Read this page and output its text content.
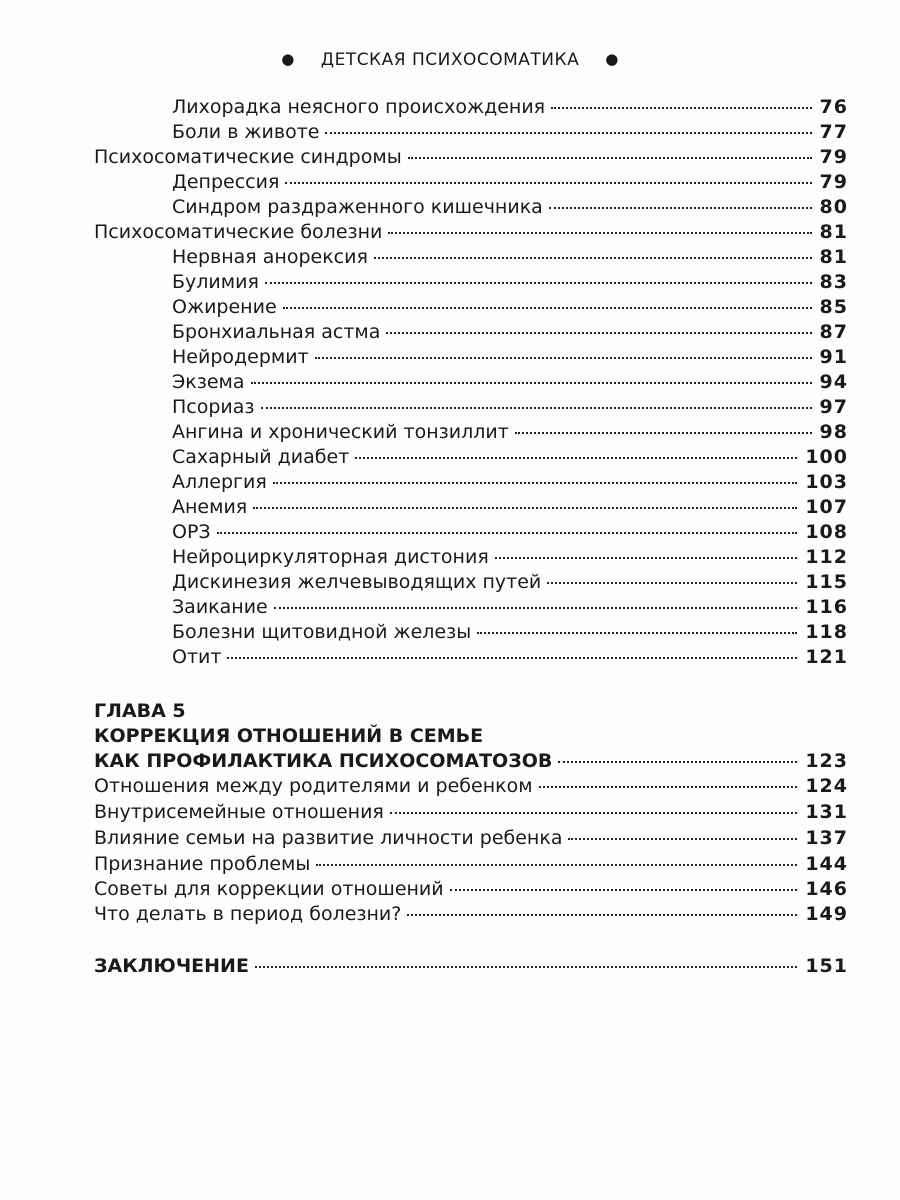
● ДЕТСКАЯ ПСИХОСОМАТИКА ●
Лихорадка неясного происхождения	76
Боли в животе	77
Психосоматические синдромы	79
Депрессия	79
Синдром раздраженного кишечника	80
Психосоматические болезни	81
Нервная анорексия	81
Булимия	83
Ожирение	85
Бронхиальная астма	87
Нейродермит	91
Экзема	94
Псориаз	97
Ангина и хронический тонзиллит	98
Сахарный диабет	100
Аллергия	103
Анемия	107
ОРЗ	108
Нейроциркуляторная дистония	112
Дискинезия желчевыводящих путей	115
Заикание	116
Болезни щитовидной железы	118
Отит	121
ГЛАВА 5
КОРРЕКЦИЯ ОТНОШЕНИЙ В СЕМЬЕ
КАК ПРОФИЛАКТИКА ПСИХОСОМАТОЗОВ	123
Отношения между родителями и ребенком	124
Внутрисемейные отношения	131
Влияние семьи на развитие личности ребенка	137
Признание проблемы	144
Советы для коррекции отношений	146
Что делать в период болезни?	149
ЗАКЛЮЧЕНИЕ	151
